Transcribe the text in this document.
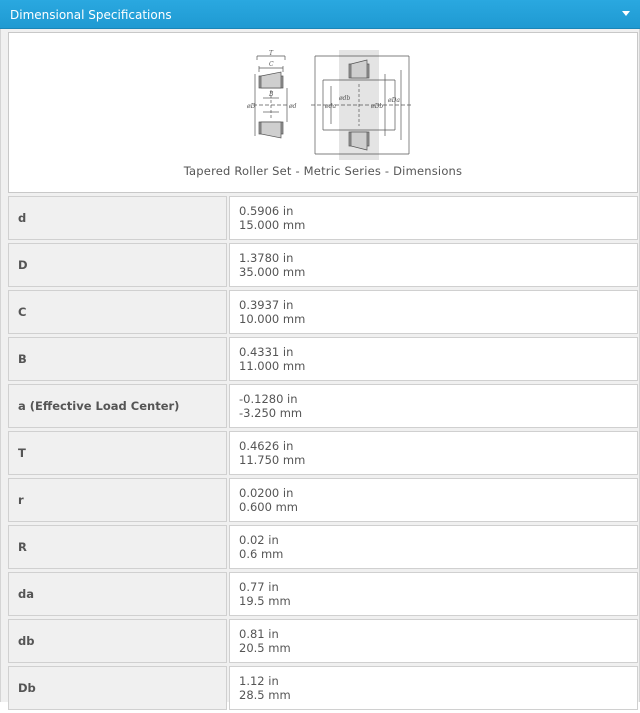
Dimensional Specifications
T
C
øD	ød
B
øda	øDb
øDa
ødb
Tapered Roller Set - Metric Series - Dimensions
d	0.5906 in
15.000 mm
D	1.3780 in
35.000 mm
C	0.3937 in
10.000 mm
B	0.4331 in
11.000 mm
a (Effective Load Center)	-0.1280 in
-3.250 mm
T	0.4626 in
11.750 mm
r	0.0200 in
0.600 mm
R	0.02 in
0.6 mm
da	0.77 in
19.5 mm
db	0.81 in
20.5 mm
Db	1.12 in
28.5 mm
